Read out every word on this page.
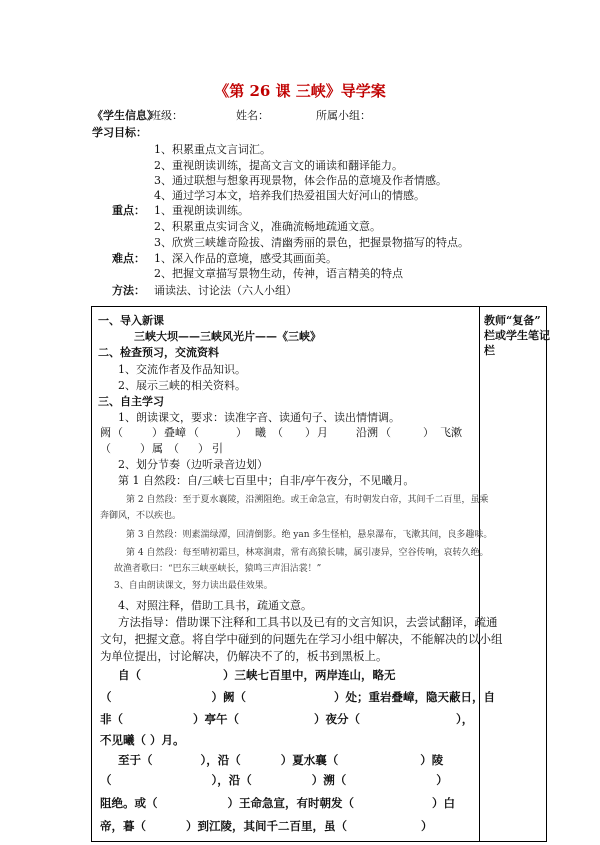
《第 26 课 三峡》导学案
《学生信息》
班级：	姓名：	所属小组：
学习目标：
1、积累重点文言词汇。
2、重视朗读训练，提高文言文的诵读和翻译能力。
3、通过联想与想象再现景物，体会作品的意境及作者情感。
4、通过学习本文，培养我们热爱祖国大好河山的情感。
重点： 1、重视朗读训练。
2、积累重点实词含义，准确流畅地疏通文意。
3、欣赏三峡雄奇险拔、清幽秀丽的景色，把握景物描写的特点。
难点： 1、深入作品的意境，感受其画面美。
2、把握文章描写景物生动，传神，语言精美的特点
方法： 诵读法、讨论法（六人小组）
教师“复备”
栏或学生笔记
栏
一、导入新课
三峡大坝——三峡风光片——《三峡》
二、检查预习，交流资料
1、交流作者及作品知识。
2、展示三峡的相关资料。
三、自主学习
1、朗读课文，要求：读准字音、读通句子、读出情情调。
阙 （	） 叠嶂 （	） 曦 （ ） 月	沿溯 （	） 飞漱
（	） 属 （ ） 引
2、划分节奏（边听录音边划）
第 1 自然段：自/三峡七百里中；自非/亭午夜分，不见曦月。
第 2 自然段：至于夏水襄陵，沿溯阻绝。或王命急宣，有时朝发白帝，其间千二百里，虽乘
奔御风，不以疾也。
第 3 自然段：则素湍绿潭，回清倒影。绝 yan 多生怪柏，悬泉瀑布，飞漱其间，良多趣味。
第 4 自然段：每至晴初霜旦，林寒涧肃，常有高猿长啸，属引凄异，空谷传响，哀转久绝。
故渔者歌曰：“巴东三峡巫峡长，猿鸣三声泪沾裳！”
3、自由朗读课文，努力读出最佳效果。
4、对照注释，借助工具书，疏通文意。
方法指导：借助课下注释和工具书以及已有的文言知识，去尝试翻译，疏通
文句，把握文意。将自学中碰到的问题先在学习小组中解决，不能解决的以小组
为单位提出，讨论解决，仍解决不了的，板书到黑板上。
自（	）三峡七百里中，两岸连山，略无
（	）阙（	）处；重岩叠嶂，隐天蔽日，自
非（	）亭午（	）夜分（	），
不见曦（ ）月。
至于（	），沿（	）夏水襄（	）陵
（	），沿（	）溯（	）
阻绝。或（	）王命急宣，有时朝发（	）白
帝，暮（	）到江陵，其间千二百里，虽（	）
